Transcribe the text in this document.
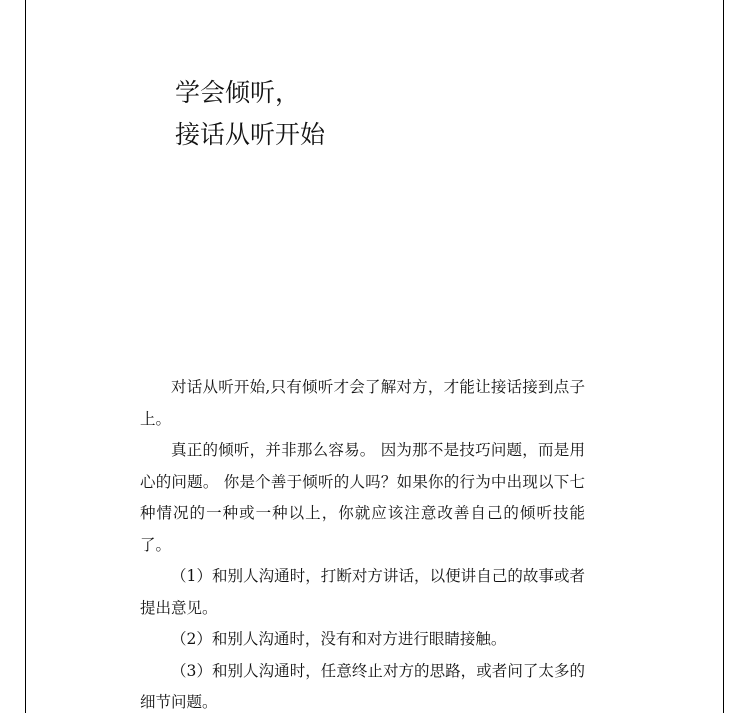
学会倾听，
接话从听开始

对话从听开始,只有倾听才会了解对方，才能让接话接到点子上。

真正的倾听，并非那么容易。 因为那不是技巧问题，而是用心的问题。 你是个善于倾听的人吗？如果你的行为中出现以下七种情况的一种或一种以上，你就应该注意改善自己的倾听技能了。

（1）和别人沟通时，打断对方讲话，以便讲自己的故事或者提出意见。

（2）和别人沟通时，没有和对方进行眼睛接触。

（3）和别人沟通时，任意终止对方的思路，或者问了太多的细节问题。
